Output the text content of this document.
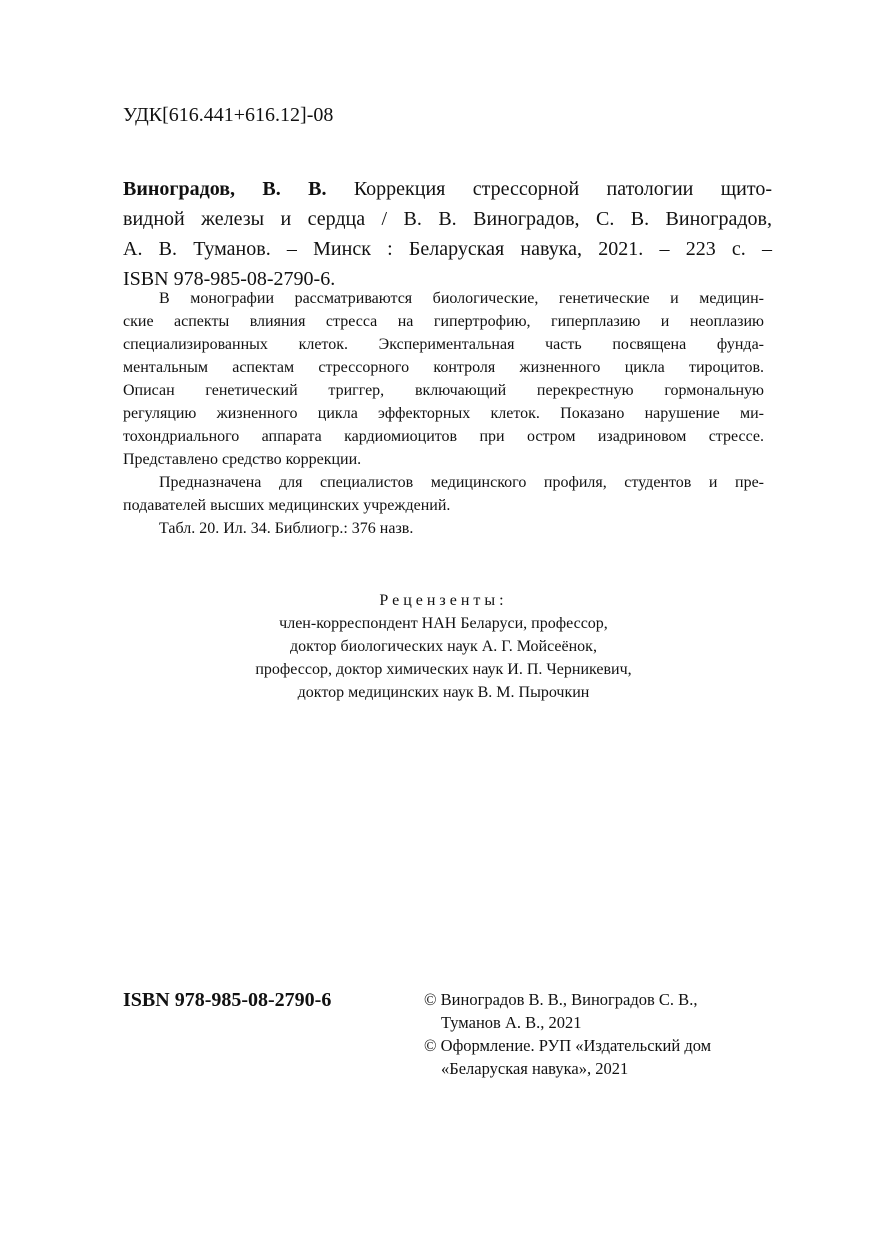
УДК[616.441+616.12]-08
Виноградов, В. В. Коррекция стрессорной патологии щито-
видной железы и сердца / В. В. Виноградов, С. В. Виноградов,
А. В. Туманов. – Минск : Беларуская навука, 2021. – 223 с. –
ISBN 978-985-08-2790-6.
В монографии рассматриваются биологические, генетические и медицин-
ские аспекты влияния стресса на гипертрофию, гиперплазию и неоплазию
специализированных клеток. Экспериментальная часть посвящена фунда-
ментальным аспектам стрессорного контроля жизненного цикла тироцитов.
Описан генетический триггер, включающий перекрестную гормональную
регуляцию жизненного цикла эффекторных клеток. Показано нарушение ми-
тохондриального аппарата кардиомиоцитов при остром изадриновом стрессе.
Представлено средство коррекции.
Предназначена для специалистов медицинского профиля, студентов и пре-
подавателей высших медицинских учреждений.
Табл. 20. Ил. 34. Библиогр.: 376 назв.
Рецензенты:
член-корреспондент НАН Беларуси, профессор,
доктор биологических наук А. Г. Мойсеёнок,
профессор, доктор химических наук И. П. Черникевич,
доктор медицинских наук В. М. Пырочкин
ISBN 978-985-08-2790-6	© Виноградов В. В., Виноградов С. В.,
Туманов А. В., 2021
© Оформление. РУП «Издательский дом
«Беларуская навука», 2021
